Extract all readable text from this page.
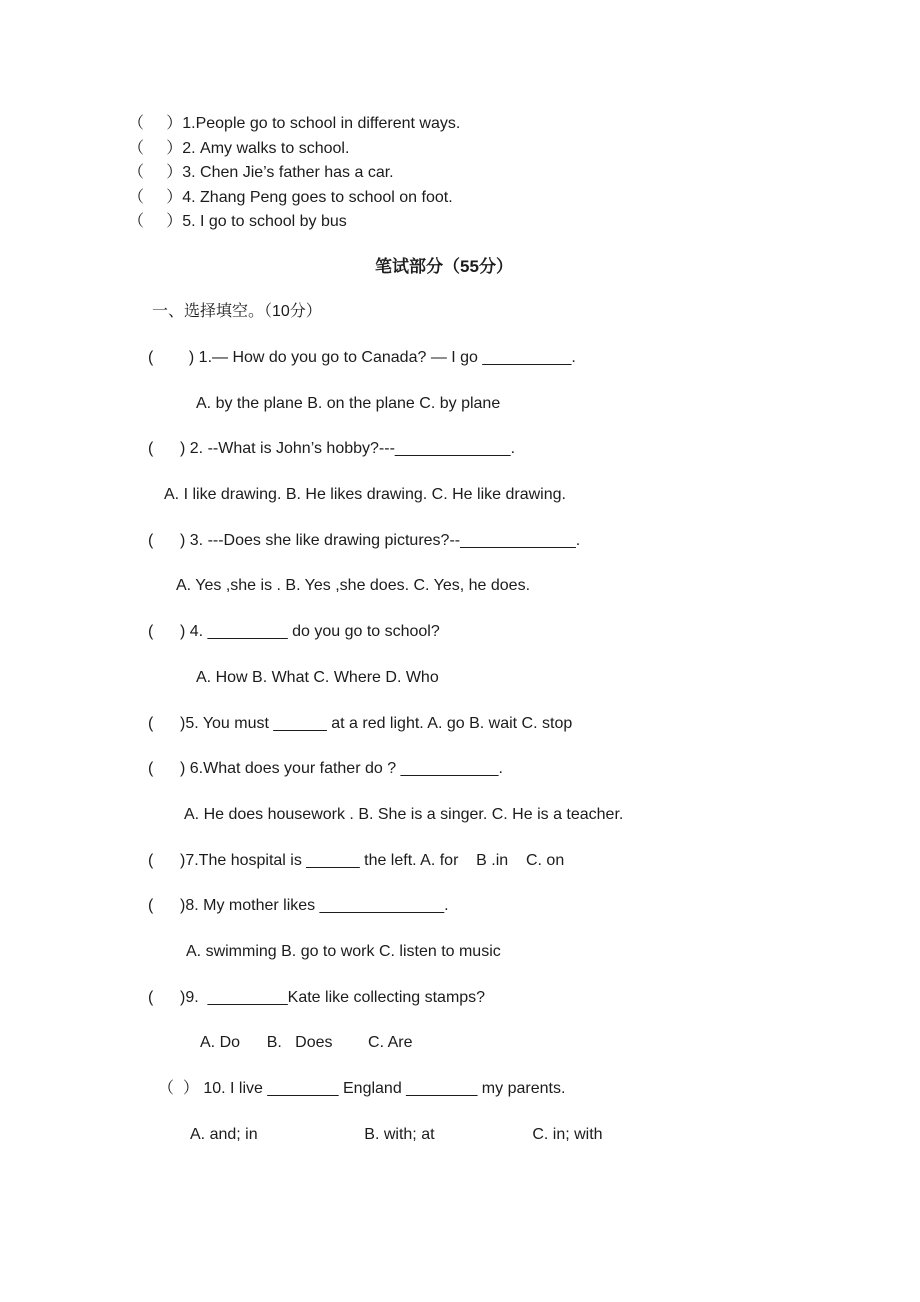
（     ）1.People go to school in different ways.
（     ）2. Amy walks to school.
（     ）3. Chen Jie’s father has a car.
（     ）4. Zhang Peng goes to school on foot.
（     ）5. I go to school by bus
笔试部分（55分）
一、选择填空。（10分）
(        ) 1.— How do you go to Canada? — I go __________.
A. by the plane B. on the plane C. by plane
(      ) 2. --What is John’s hobby?---_____________.
A. I like drawing. B. He likes drawing. C. He like drawing.
(      ) 3. ---Does she like drawing pictures?--_____________.
A. Yes ,she is . B. Yes ,she does. C. Yes, he does.
(      ) 4. _________ do you go to school?
A. How B. What C. Where D. Who
(      )5. You must ______ at a red light. A. go B. wait C. stop
(      ) 6.What does your father do ? ___________.
A. He does housework . B. She is a singer. C. He is a teacher.
(      )7.The hospital is ______ the left. A. for    B .in    C. on
(      )8. My mother likes ______________.
A. swimming B. go to work C. listen to music
(      )9.  _________Kate like collecting stamps?
A. Do      B.   Does        C. Are
（  ） 10. I live ________ England ________ my parents.
A. and; in                        B. with; at                      C. in; with
